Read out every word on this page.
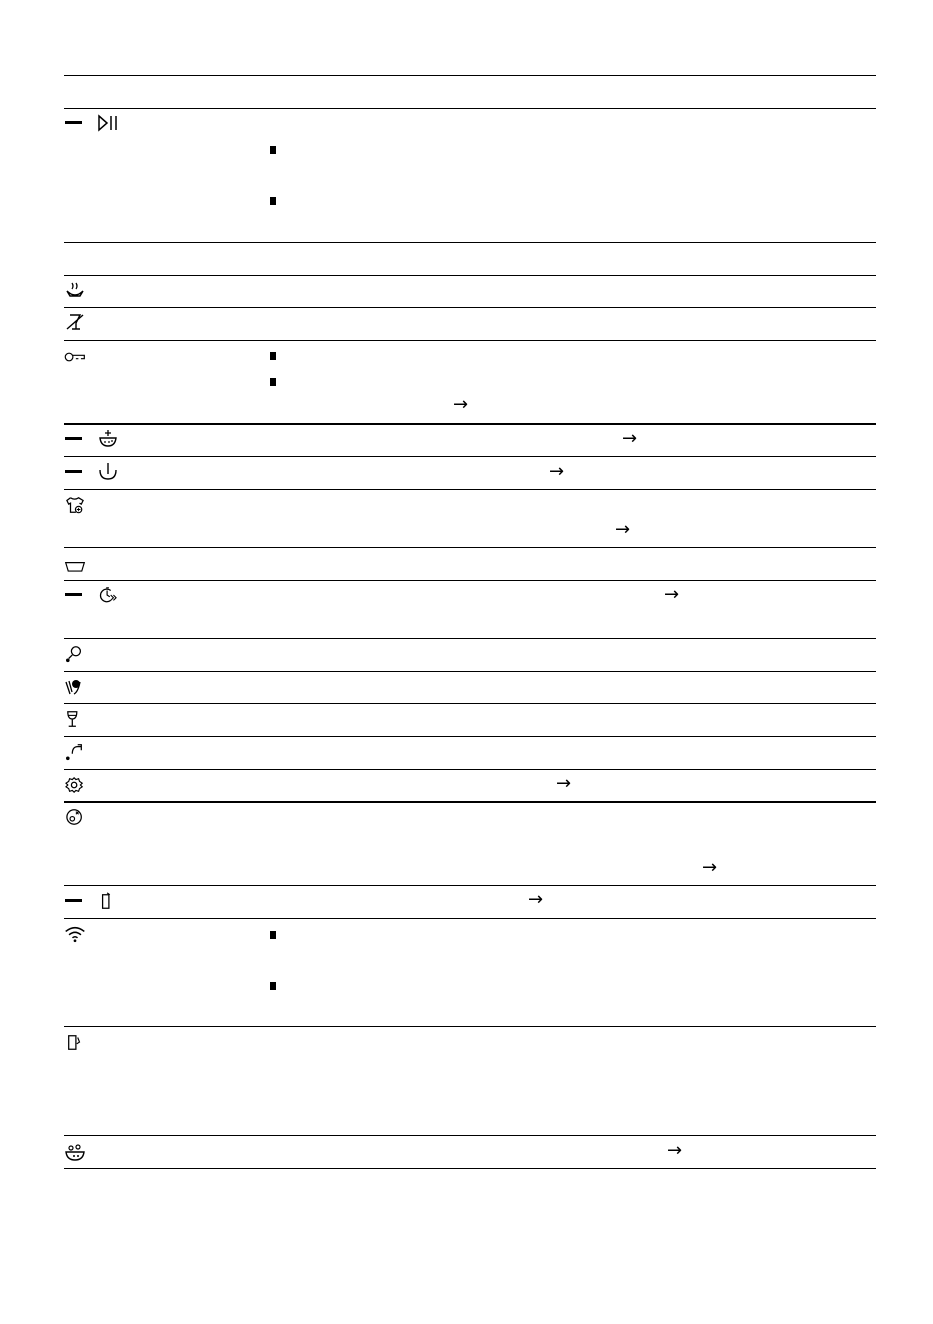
→
→
→
→
→
→
→
→
→
